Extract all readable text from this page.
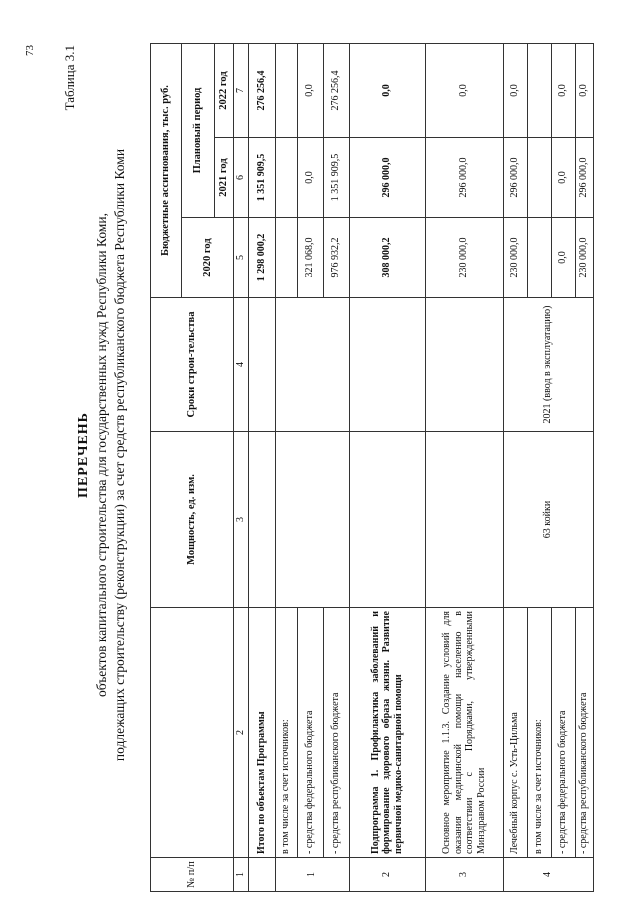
73 Таблица 3.1
ПЕРЕЧЕНЬ объектов капитального строительства для государственных нужд Республики Коми, подлежащих строительству (реконструкции) за счет средств республиканского бюджета Республики Коми
№ п/п		Мощность, ед. изм.	Сроки строи-тельства	Бюджетные ассигнования, тыс. руб.		
				2020 год	Плановый период	
					2021 год	2022 год
1	2	3	4	5	6	7
	Итого по объектам Программы			1 298 000,2	1 351 909,5	276 256,4
1	в том числе за счет источников:					
	- средства федерального бюджета			321 068,0	0,0	0,0
	- средства республиканского бюджета			976 932,2	1 351 909,5	276 256,4
2	Подпрограмма 1. Профилактика заболеваний и формирование здорового образа жизни. Развитие первичной медико-санитарной помощи			308 000,2	296 000,0	0,0
3	Основное мероприятие 1.1.3. Создание условий для оказания медицинской помощи населению в соответствии с Порядками, утвержденными Минздравом России			230 000,0	296 000,0	0,0
4	Лечебный корпус с. Усть-Цильма	63 койки	2021 (ввод в эксплуатацию)	230 000,0	296 000,0	0,0
	в том числе за счет источников:					
	- средства федерального бюджета			0,0	0,0	0,0
	- средства республиканского бюджета			230 000,0	296 000,0	0,0
